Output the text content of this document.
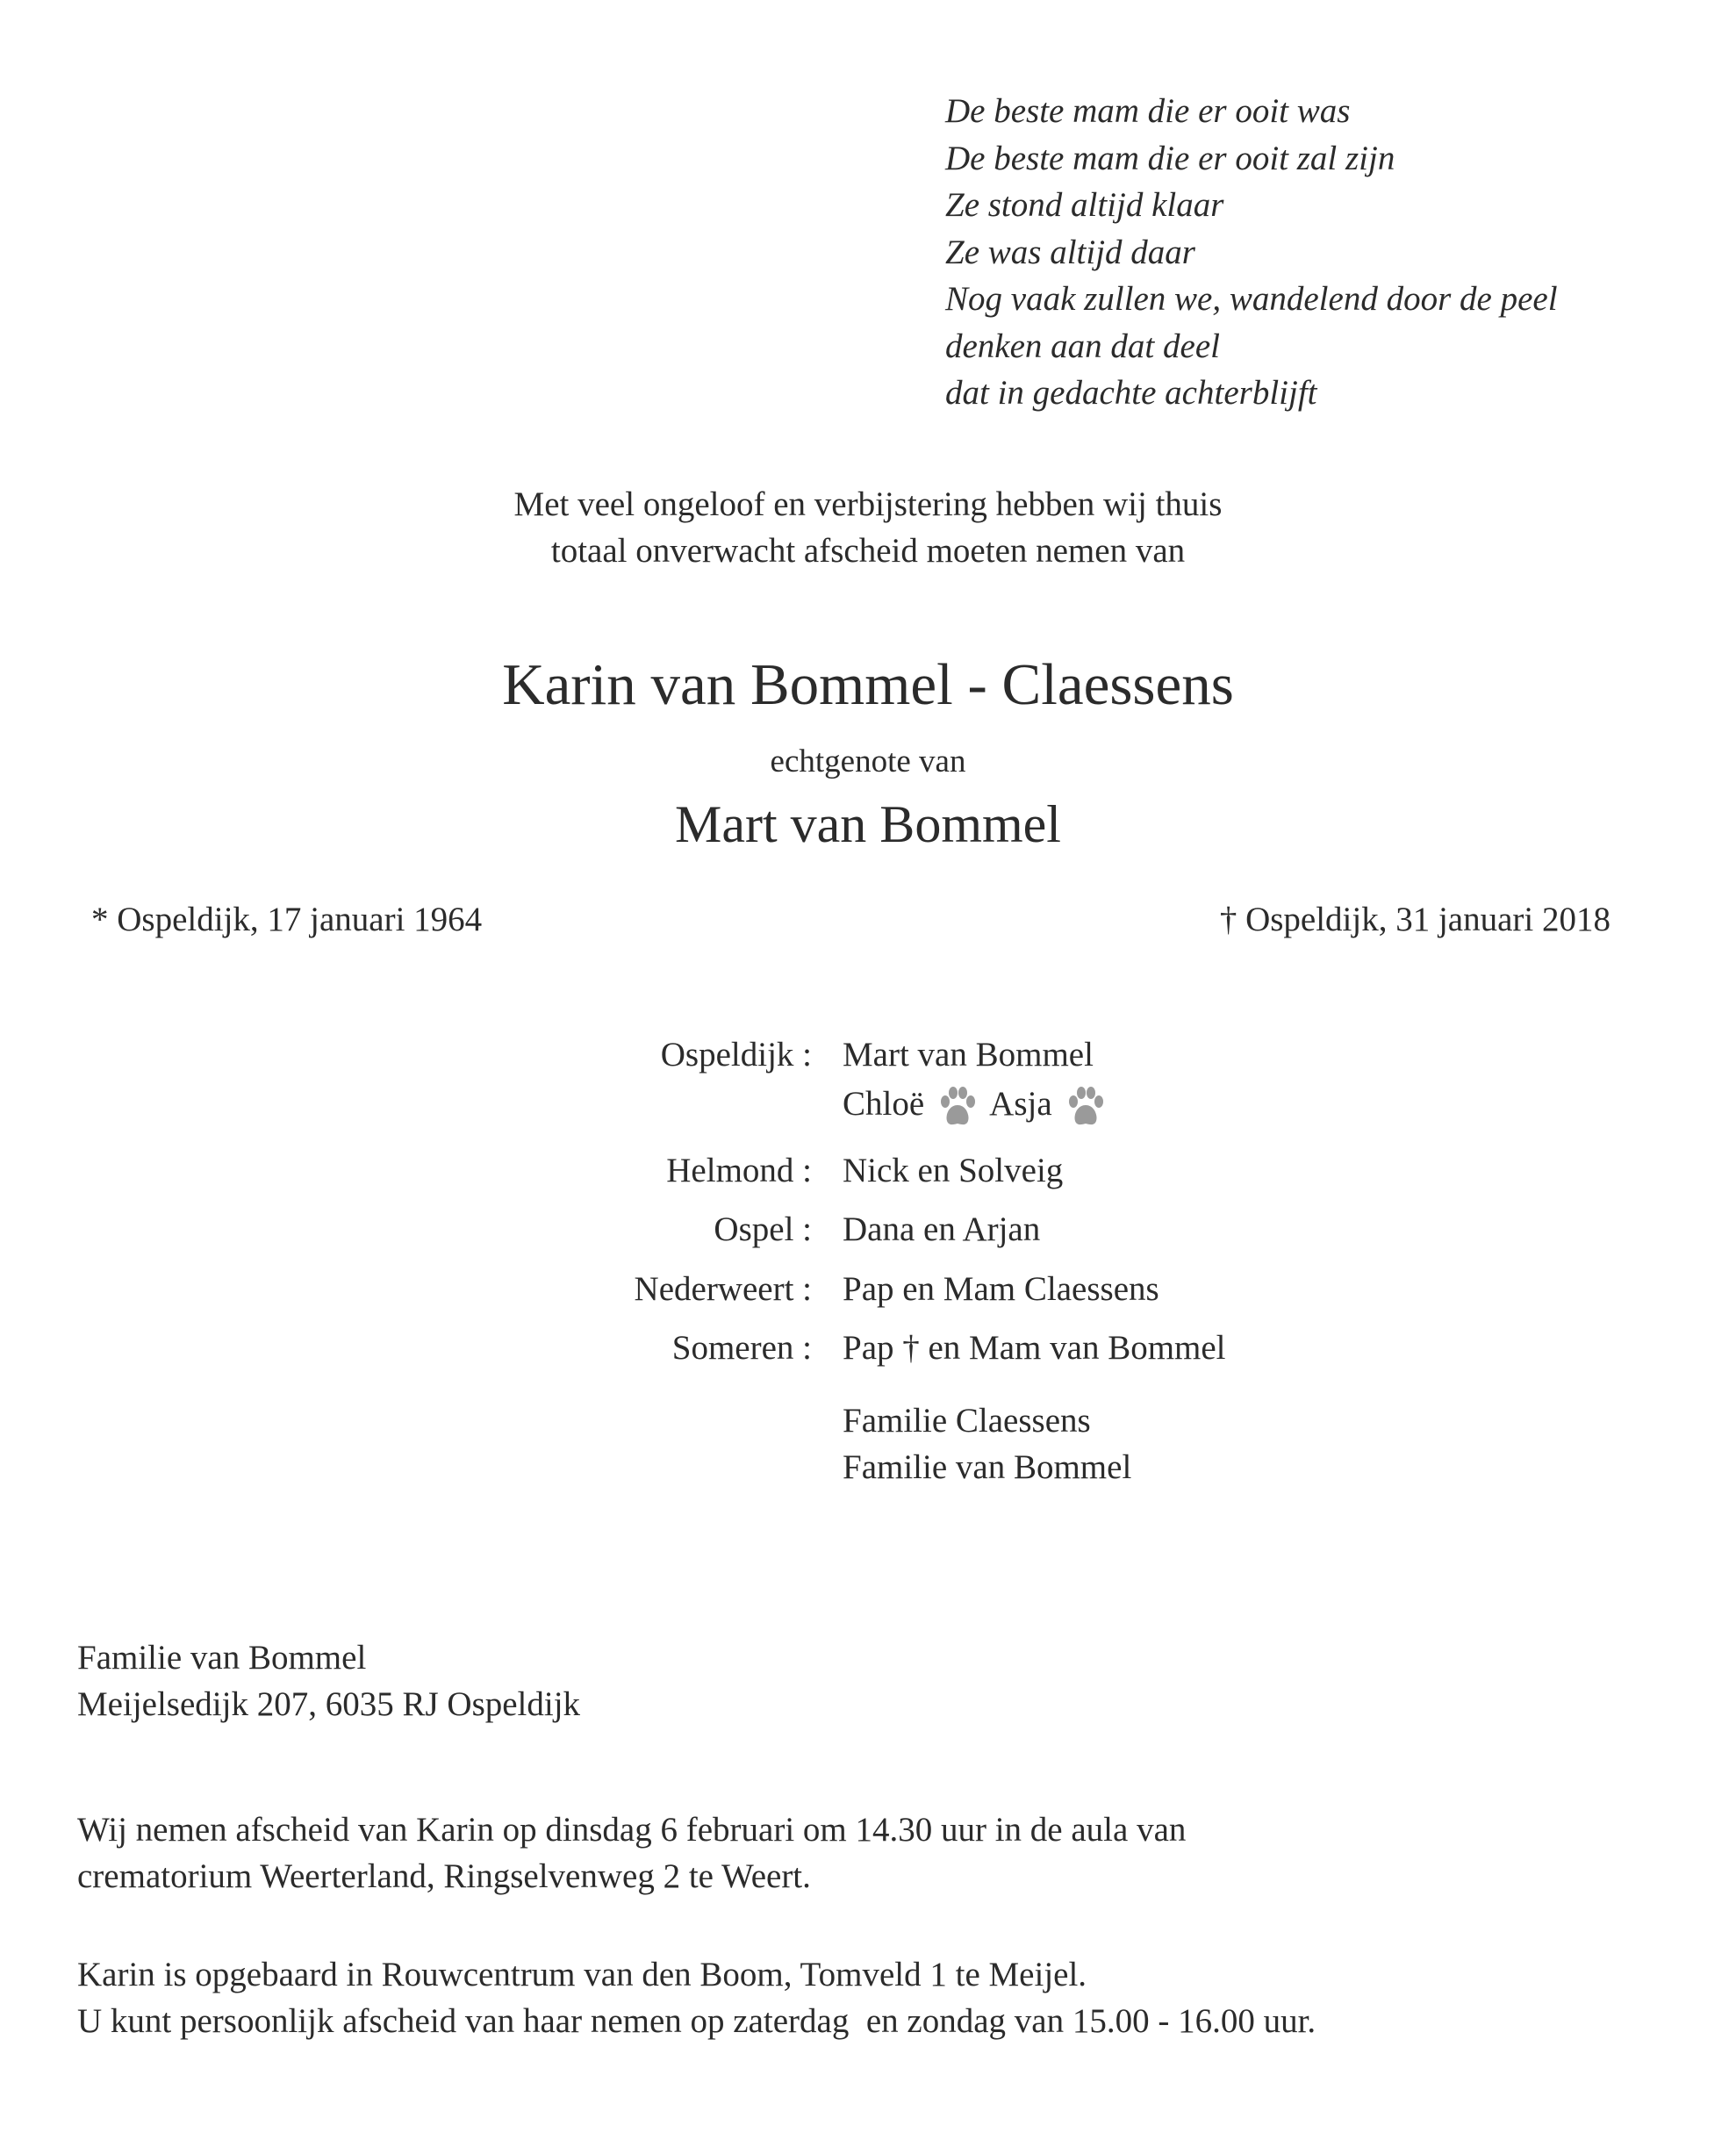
De beste mam die er ooit was
De beste mam die er ooit zal zijn
Ze stond altijd klaar
Ze was altijd daar
Nog vaak zullen we, wandelend door de peel
denken aan dat deel
dat in gedachte achterblijft
Met veel ongeloof en verbijstering hebben wij thuis
totaal onverwacht afscheid moeten nemen van
Karin van Bommel - Claessens
echtgenote van
Mart van Bommel
* Ospeldijk, 17 januari 1964	† Ospeldijk, 31 januari 2018
Ospeldijk : Mart van Bommel
Chloë Asja
Helmond : Nick en Solveig
Ospel : Dana en Arjan
Nederweert : Pap en Mam Claessens
Someren : Pap † en Mam van Bommel
Familie Claessens
Familie van Bommel
Familie van Bommel
Meijelsedijk 207, 6035 RJ Ospeldijk
Wij nemen afscheid van Karin op dinsdag 6 februari om 14.30 uur in de aula van
crematorium Weerterland, Ringselvenweg 2 te Weert.
Karin is opgebaard in Rouwcentrum van den Boom, Tomveld 1 te Meijel.
U kunt persoonlijk afscheid van haar nemen op zaterdag  en zondag van 15.00 - 16.00 uur.
